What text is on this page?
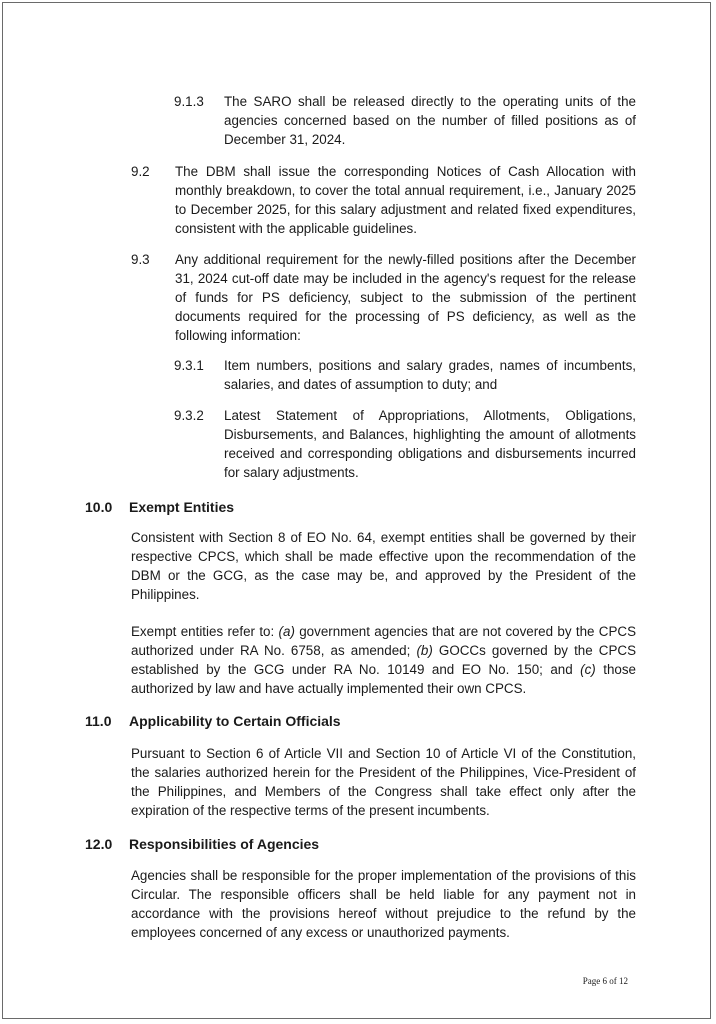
9.1.3 The SARO shall be released directly to the operating units of the agencies concerned based on the number of filled positions as of December 31, 2024.

9.2 The DBM shall issue the corresponding Notices of Cash Allocation with monthly breakdown, to cover the total annual requirement, i.e., January 2025 to December 2025, for this salary adjustment and related fixed expenditures, consistent with the applicable guidelines.

9.3 Any additional requirement for the newly-filled positions after the December 31, 2024 cut-off date may be included in the agency's request for the release of funds for PS deficiency, subject to the submission of the pertinent documents required for the processing of PS deficiency, as well as the following information:

9.3.1 Item numbers, positions and salary grades, names of incumbents, salaries, and dates of assumption to duty; and

9.3.2 Latest Statement of Appropriations, Allotments, Obligations, Disbursements, and Balances, highlighting the amount of allotments received and corresponding obligations and disbursements incurred for salary adjustments.

10.0 Exempt Entities

Consistent with Section 8 of EO No. 64, exempt entities shall be governed by their respective CPCS, which shall be made effective upon the recommendation of the DBM or the GCG, as the case may be, and approved by the President of the Philippines.

Exempt entities refer to: (a) government agencies that are not covered by the CPCS authorized under RA No. 6758, as amended; (b) GOCCs governed by the CPCS established by the GCG under RA No. 10149 and EO No. 150; and (c) those authorized by law and have actually implemented their own CPCS.

11.0 Applicability to Certain Officials

Pursuant to Section 6 of Article VII and Section 10 of Article VI of the Constitution, the salaries authorized herein for the President of the Philippines, Vice-President of the Philippines, and Members of the Congress shall take effect only after the expiration of the respective terms of the present incumbents.

12.0 Responsibilities of Agencies

Agencies shall be responsible for the proper implementation of the provisions of this Circular. The responsible officers shall be held liable for any payment not in accordance with the provisions hereof without prejudice to the refund by the employees concerned of any excess or unauthorized payments.

Page 6 of 12
